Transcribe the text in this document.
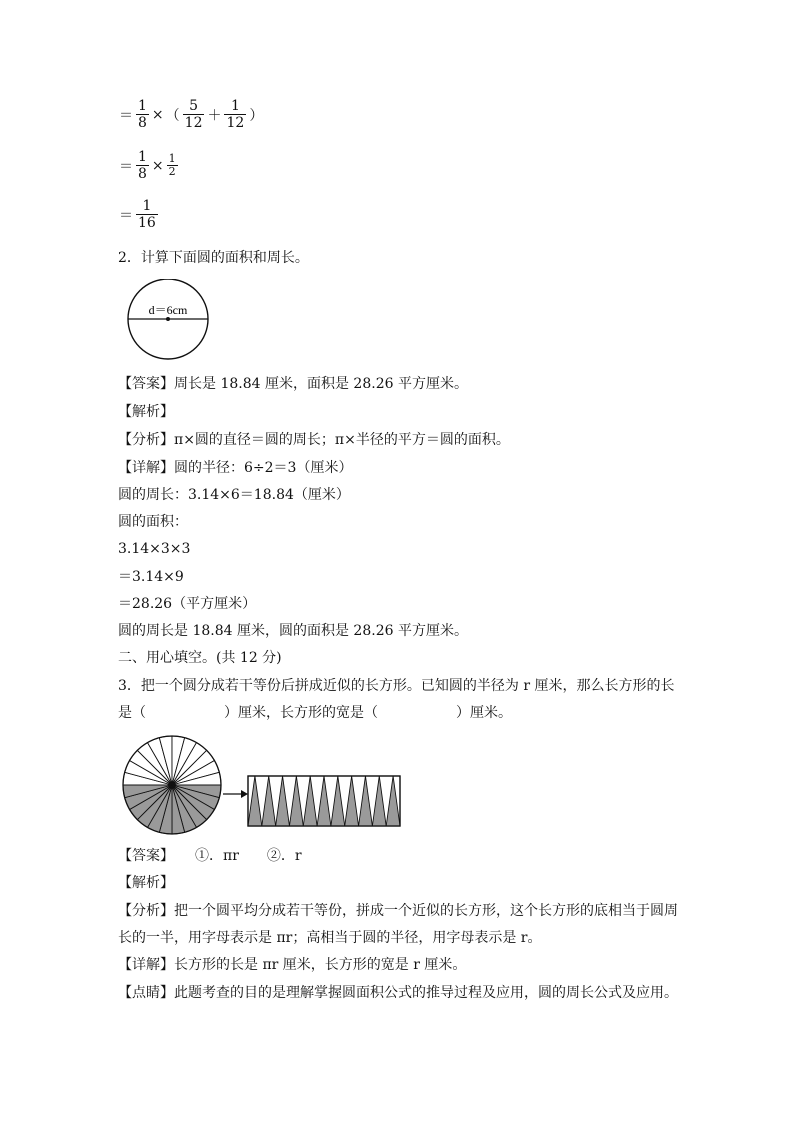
＝ $\frac{1}{8}$ × （ $\frac{5}{12} + \frac{1}{12}$ ）
＝ $\frac{1}{8} \times \frac{1}{2}$
＝ $\frac{1}{16}$
2．计算下面圆的面积和周长。
d＝6cm
【答案】周长是 18.84 厘米，面积是 28.26 平方厘米。
【解析】
【分析】π×圆的直径＝圆的周长；π×半径的平方＝圆的面积。
【详解】圆的半径：6÷2＝3（厘米）
圆的周长：3.14×6＝18.84（厘米）
圆的面积：
3.14×3×3
＝3.14×9
＝28.26（平方厘米）
圆的周长是 18.84 厘米，圆的面积是 28.26 平方厘米。
二、用心填空。(共 12 分)
3．把一个圆分成若干等份后拼成近似的长方形。已知圆的半径为 r 厘米，那么长方形的长
是（	）厘米，长方形的宽是（	）厘米。
【答案】　　①．πr　　②．r
【解析】
【分析】把一个圆平均分成若干等份，拼成一个近似的长方形，这个长方形的底相当于圆周
长的一半，用字母表示是 πr；高相当于圆的半径，用字母表示是 r。
【详解】长方形的长是 πr 厘米，长方形的宽是 r 厘米。
【点睛】此题考查的目的是理解掌握圆面积公式的推导过程及应用，圆的周长公式及应用。
